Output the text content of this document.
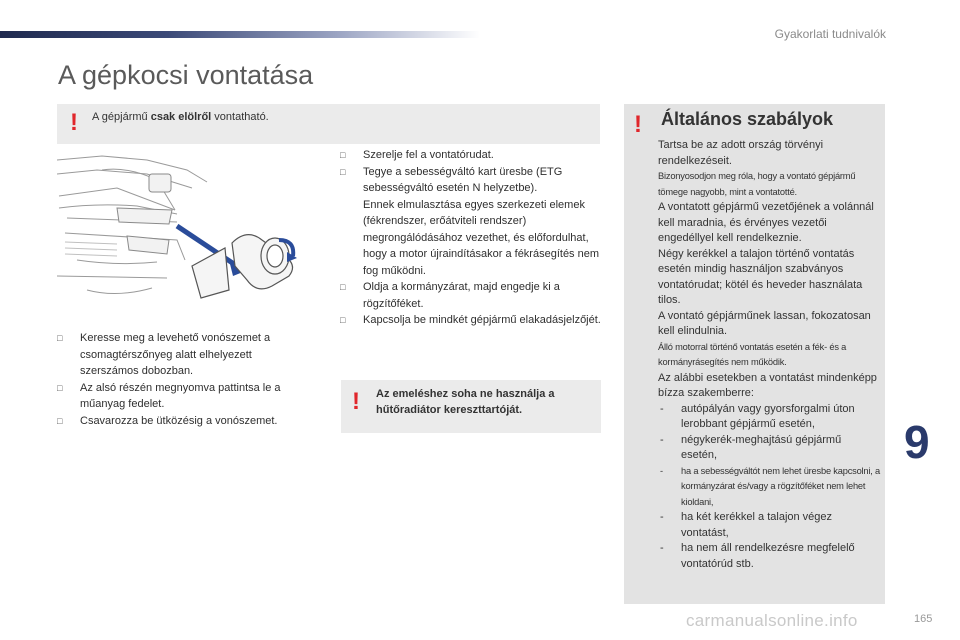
Gyakorlati tudnivalók
A gépkocsi vontatása
! A gépjármű csak elölről vontatható.
□ Keresse meg a levehető vonószemet a csomagtérszőnyeg alatt elhelyezett szerszámos dobozban.
□ Az alsó részén megnyomva pattintsa le a műanyag fedelet.
□ Csavarozza be ütközésig a vonószemet.
□ Szerelje fel a vontatórudat.
□ Tegye a sebességváltó kart üresbe (ETG sebességváltó esetén N helyzetbe).
Ennek elmulasztása egyes szerkezeti elemek (fékrendszer, erőátviteli rendszer) megrongálódásához vezethet, és előfordulhat, hogy a motor újraindításakor a fékrásegítés nem fog működni.
□ Oldja a kormányzárat, majd engedje ki a rögzítőféket.
□ Kapcsolja be mindkét gépjármű elakadásjelzőjét.
! Az emeléshez soha ne használja a hűtőradiátor kereszttartóját.
! Általános szabályok

Tartsa be az adott ország törvényi rendelkezéseit.

Bizonyosodjon meg róla, hogy a vontató gépjármű tömege nagyobb, mint a vontatotté.

A vontatott gépjármű vezetőjének a volánnál kell maradnia, és érvényes vezetői engedéllyel kell rendelkeznie.

Négy kerékkel a talajon történő vontatás esetén mindig használjon szabványos vontatórudat; kötél és heveder használata tilos.

A vontató gépjárműnek lassan, fokozatosan kell elindulnia.

Álló motorral történő vontatás esetén a fék- és a kormányrásegítés nem működik.

Az alábbi esetekben a vontatást mindenképp bízza szakemberre:

- autópályán vagy gyorsforgalmi úton lerobbant gépjármű esetén,
- négykerék-meghajtású gépjármű esetén,
- ha a sebességváltót nem lehet üresbe kapcsolni, a kormányzárat és/vagy a rögzítőféket nem lehet kioldani,
- ha két kerékkel a talajon végez vontatást,
- ha nem áll rendelkezésre megfelelő vontatórúd stb.
9
carmanualsonline.info	165
